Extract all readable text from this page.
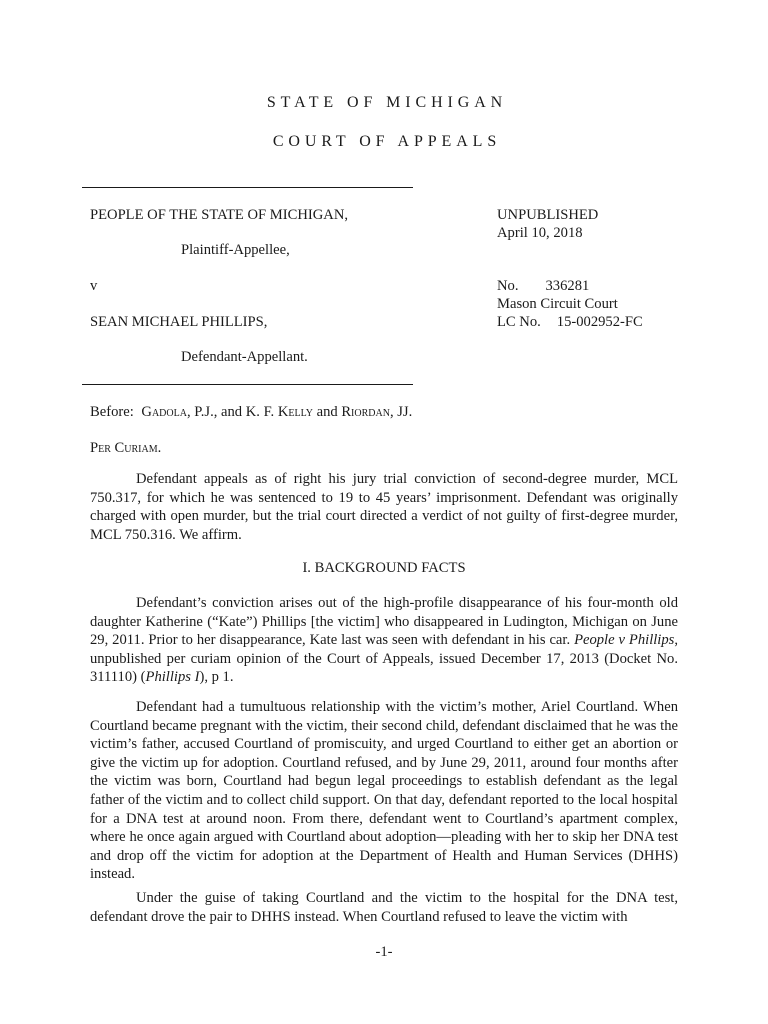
STATE OF MICHIGAN
COURT OF APPEALS
PEOPLE OF THE STATE OF MICHIGAN,
Plaintiff-Appellee,
v
SEAN MICHAEL PHILLIPS,
Defendant-Appellant.
UNPUBLISHED
April 10, 2018
No. 336281
Mason Circuit Court
LC No. 15-002952-FC
Before: Gadola, P.J., and K. F. Kelly and Riordan, JJ.
Per Curiam.

Defendant appeals as of right his jury trial conviction of second-degree murder, MCL 750.317, for which he was sentenced to 19 to 45 years’ imprisonment. Defendant was originally charged with open murder, but the trial court directed a verdict of not guilty of first-degree murder, MCL 750.316. We affirm.

I. BACKGROUND FACTS

Defendant’s conviction arises out of the high-profile disappearance of his four-month old daughter Katherine (“Kate”) Phillips [the victim] who disappeared in Ludington, Michigan on June 29, 2011. Prior to her disappearance, Kate last was seen with defendant in his car. People v Phillips, unpublished per curiam opinion of the Court of Appeals, issued December 17, 2013 (Docket No. 311110) (Phillips I), p 1.

Defendant had a tumultuous relationship with the victim’s mother, Ariel Courtland. When Courtland became pregnant with the victim, their second child, defendant disclaimed that he was the victim’s father, accused Courtland of promiscuity, and urged Courtland to either get an abortion or give the victim up for adoption. Courtland refused, and by June 29, 2011, around four months after the victim was born, Courtland had begun legal proceedings to establish defendant as the legal father of the victim and to collect child support. On that day, defendant reported to the local hospital for a DNA test at around noon. From there, defendant went to Courtland’s apartment complex, where he once again argued with Courtland about adoption—pleading with her to skip her DNA test and drop off the victim for adoption at the Department of Health and Human Services (DHHS) instead.

Under the guise of taking Courtland and the victim to the hospital for the DNA test, defendant drove the pair to DHHS instead. When Courtland refused to leave the victim with

-1-
